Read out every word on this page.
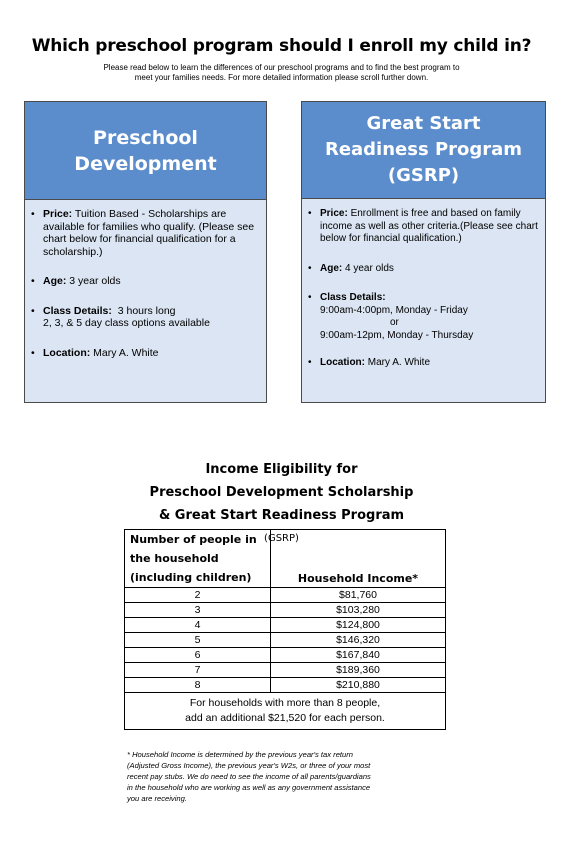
Which preschool program should I enroll my child in?
Please read below to learn the differences of our preschool programs and to find the best program to
meet your families needs. For more detailed information please scroll further down.
Preschool
Development
• Price: Tuition Based - Scholarships are available for families who qualify. (Please see chart below for financial qualification for a scholarship.)
• Age: 3 year olds
• Class Details: 3 hours long
2, 3, & 5 day class options available
• Location: Mary A. White
Great Start
Readiness Program
(GSRP)
• Price: Enrollment is free and based on family income as well as other criteria.(Please see chart below for financial qualification.)
• Age: 4 year olds
• Class Details:
9:00am-4:00pm, Monday - Friday
or
9:00am-12pm, Monday - Thursday
• Location: Mary A. White
Income Eligibility for
Preschool Development Scholarship
& Great Start Readiness Program
(GSRP)
Number of people in
the household
(including children)	Household Income*
2	$81,760
3	$103,280
4	$124,800
5	$146,320
6	$167,840
7	$189,360
8	$210,880

For households with more than 8 people,
add an additional $21,520 for each person.	
* Household Income is determined by the previous year's tax return
(Adjusted Gross Income), the previous year's W2s, or three of your most
recent pay stubs. We do need to see the income of all parents/guardians
in the household who are working as well as any government assistance
you are receiving.
